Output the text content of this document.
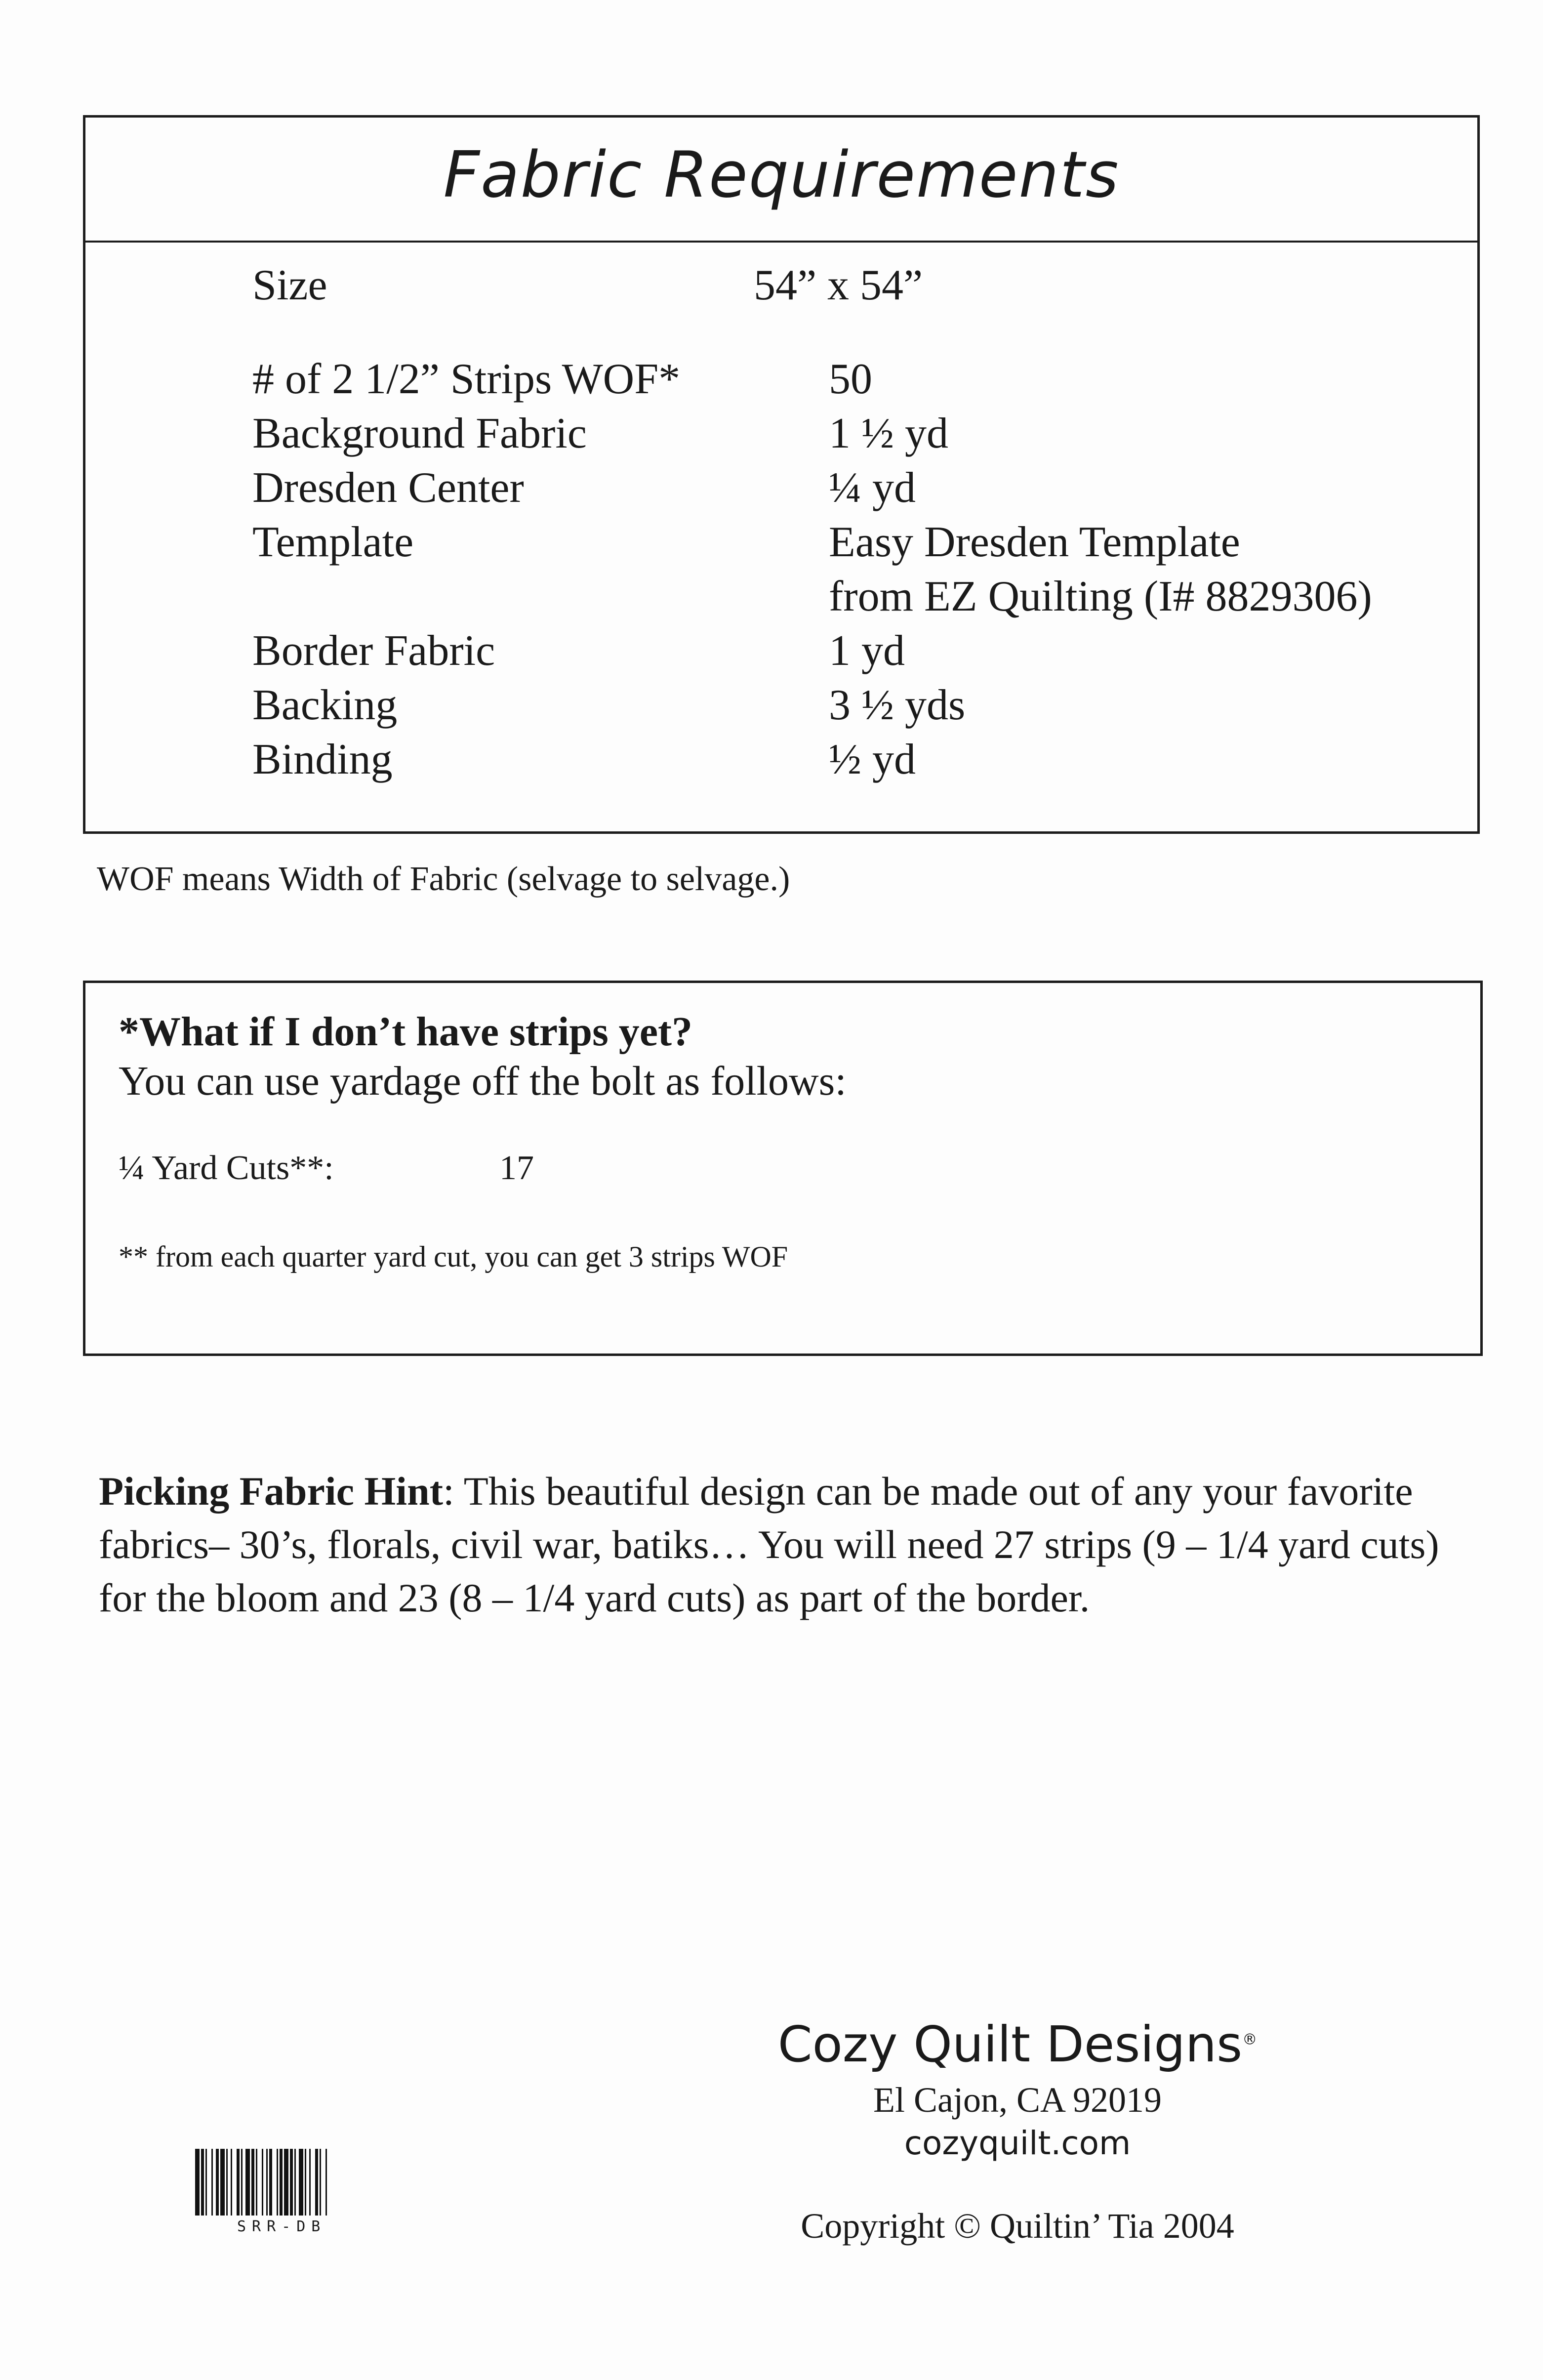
Fabric Requirements
Size	54” x 54”
# of 2 1/2” Strips WOF*	50
Background Fabric	1 ½ yd
Dresden Center	¼ yd
Template	Easy Dresden Template
from EZ Quilting (I# 8829306)
Border Fabric	1 yd
Backing	3 ½ yds
Binding	½ yd
WOF means Width of Fabric (selvage to selvage.)
*What if I don’t have strips yet?
You can use yardage off the bolt as follows:
¼ Yard Cuts**:	17
** from each quarter yard cut, you can get 3 strips WOF
Picking Fabric Hint: This beautiful design can be made out of any your favorite fabrics– 30’s, florals, civil war, batiks… You will need 27 strips (9 – 1/4 yard cuts) for the bloom and 23 (8 – 1/4 yard cuts) as part of the border.
Cozy Quilt Designs®
El Cajon, CA 92019
cozyquilt.com
Copyright © Quiltin’ Tia 2004
SRR-DB
